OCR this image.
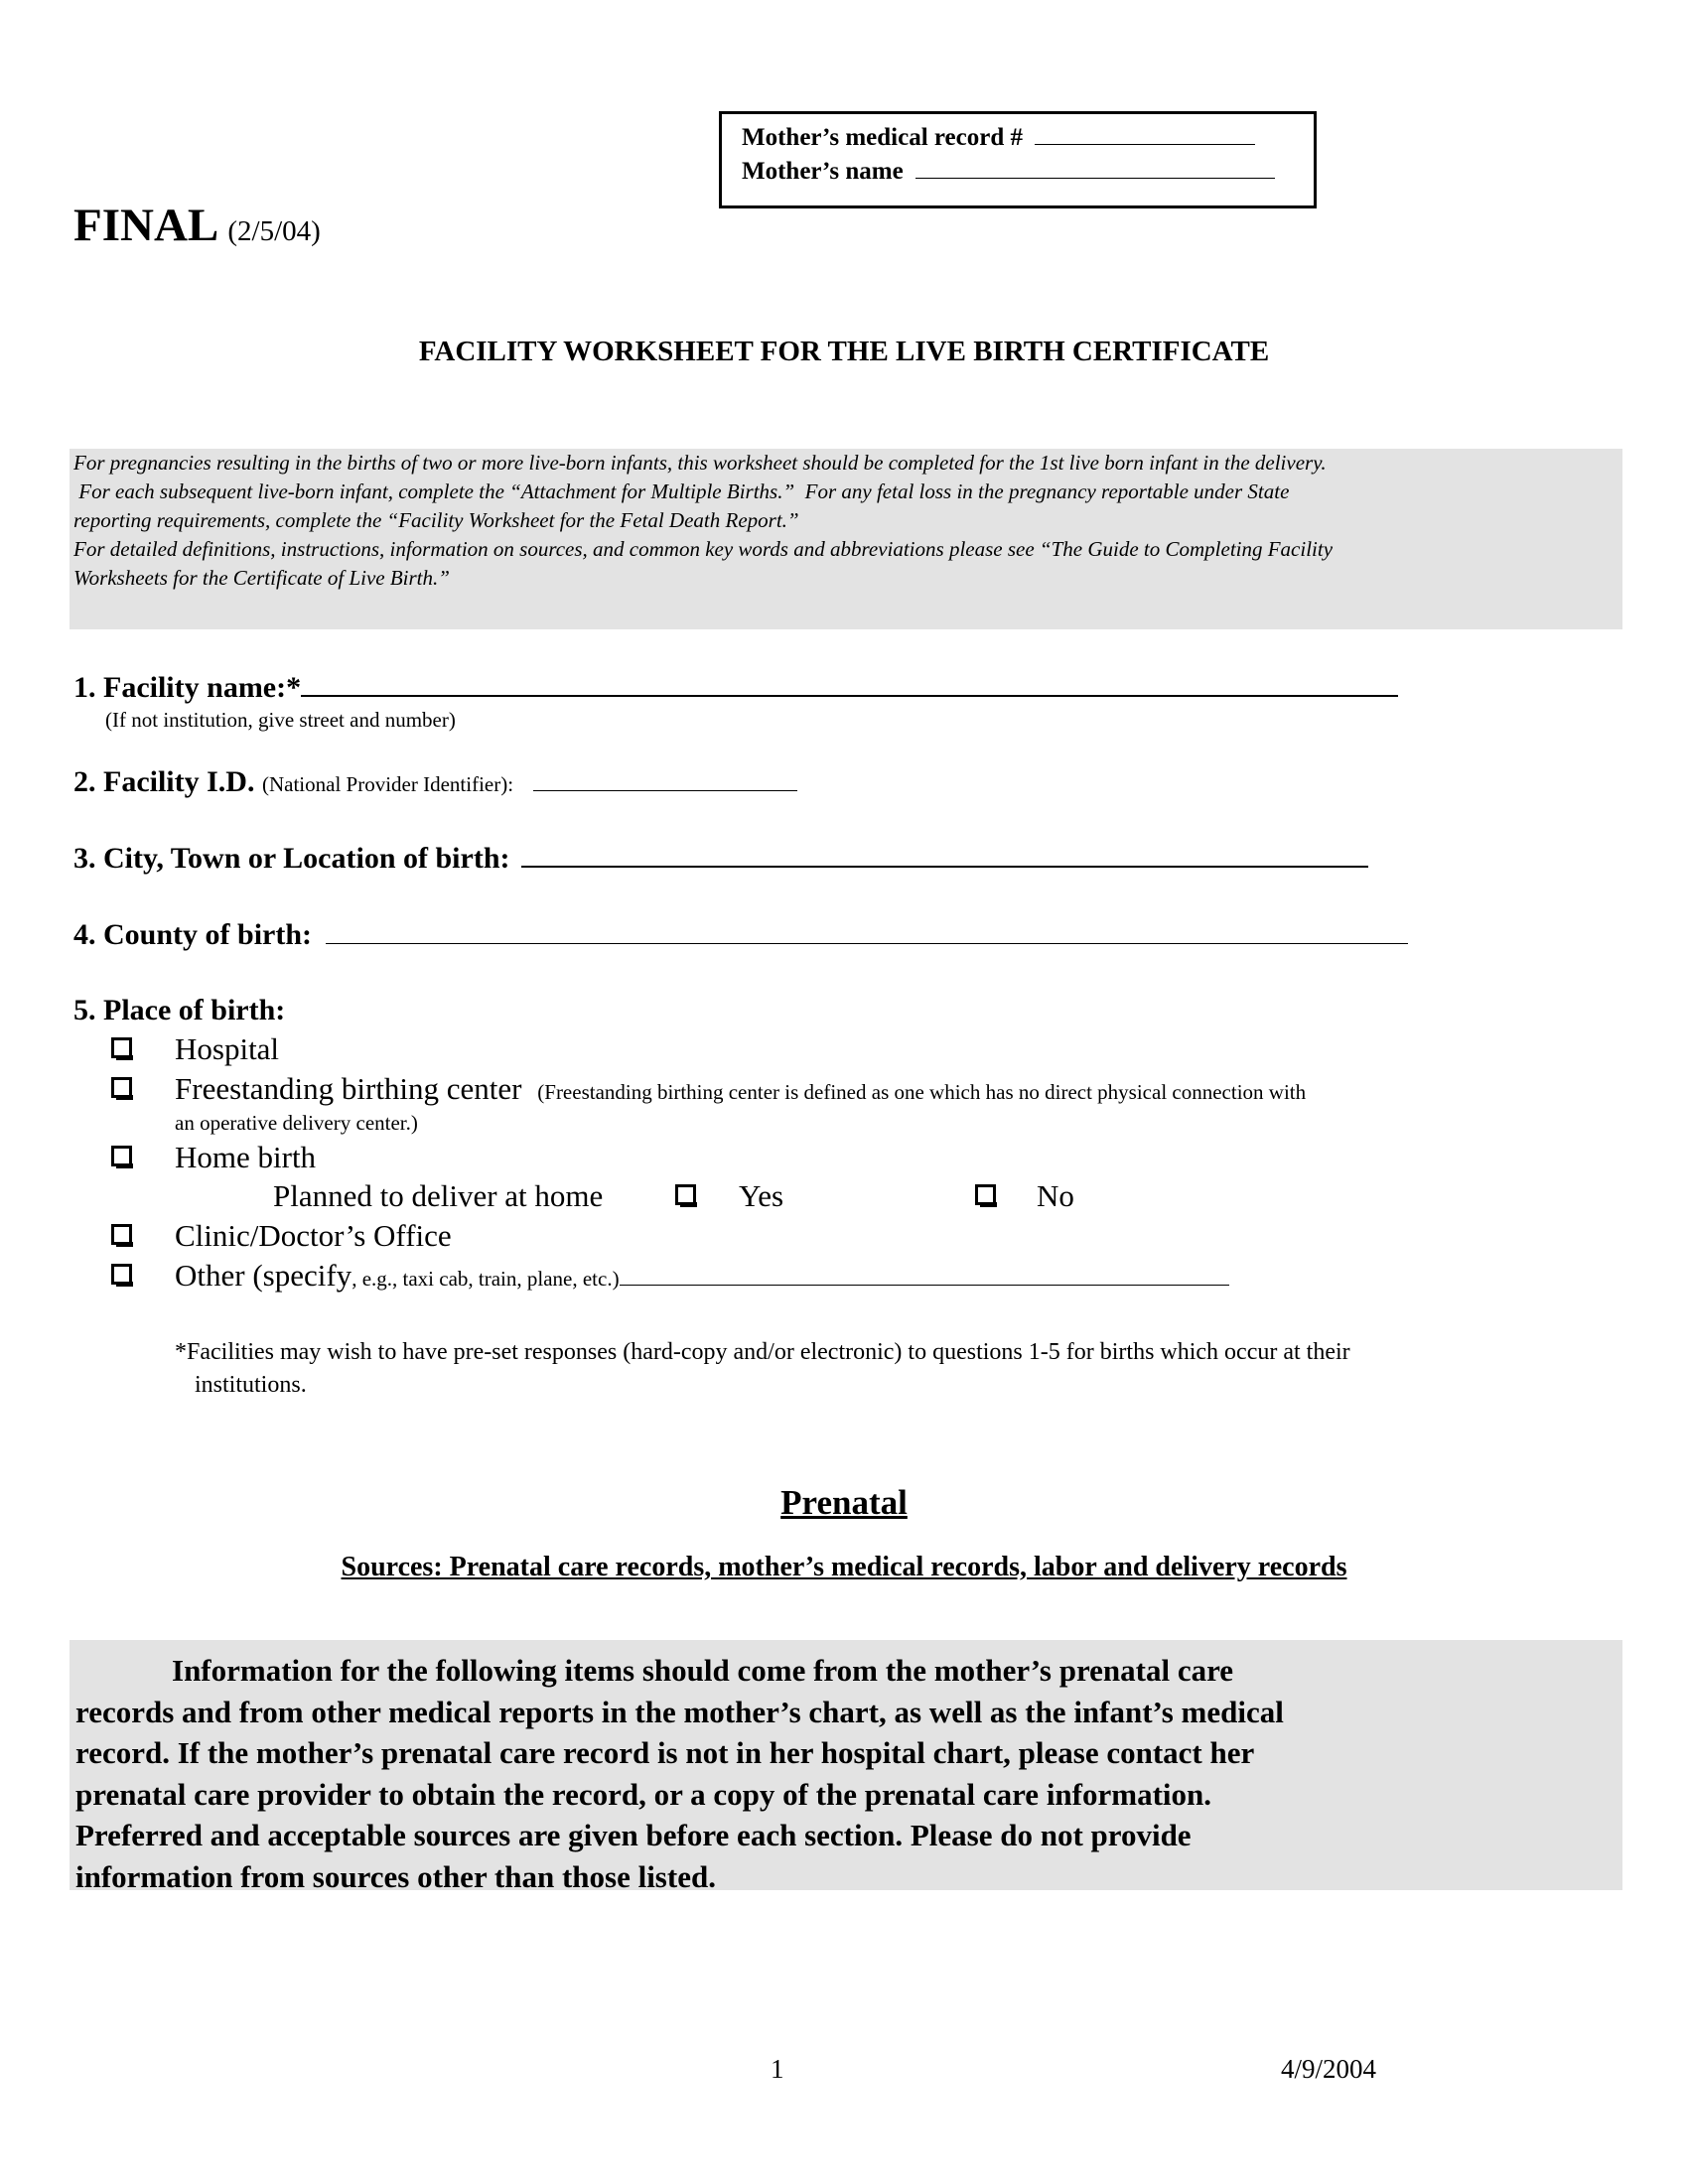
Mother’s medical record #
Mother’s name
FINAL (2/5/04)
FACILITY WORKSHEET FOR THE LIVE BIRTH CERTIFICATE

For pregnancies resulting in the births of two or more live-born infants, this worksheet should be completed for the 1st live born infant in the delivery.

For each subsequent live-born infant, complete the “Attachment for Multiple Births.”  For any fetal loss in the pregnancy reportable under State

reporting requirements, complete the “Facility Worksheet for the Fetal Death Report.”

For detailed definitions, instructions, information on sources, and common key words and abbreviations please see “The Guide to Completing Facility

Worksheets for the Certificate of Live Birth.”

1. Facility name:*
(If not institution, give street and number)
2. Facility I.D. (National Provider Identifier):
3. City, Town or Location of birth:
4. County of birth:
5. Place of birth:
Hospital
Freestanding birthing center (Freestanding birthing center is defined as one which has no direct physical connection with
an operative delivery center.)
Home birth
Planned to deliver at home	Yes	No
Clinic/Doctor’s Office
Other (specify, e.g., taxi cab, train, plane, etc.)
*Facilities may wish to have pre-set responses (hard-copy and/or electronic) to questions 1-5 for births which occur at their
institutions.
Prenatal
Sources: Prenatal care records, mother’s medical records, labor and delivery records

Information for the following items should come from the mother’s prenatal care

records and from other medical reports in the mother’s chart, as well as the infant’s medical

record. If the mother’s prenatal care record is not in her hospital chart, please contact her

prenatal care provider to obtain the record, or a copy of the prenatal care information.

Preferred and acceptable sources are given before each section. Please do not provide

information from sources other than those listed.

1	4/9/2004
